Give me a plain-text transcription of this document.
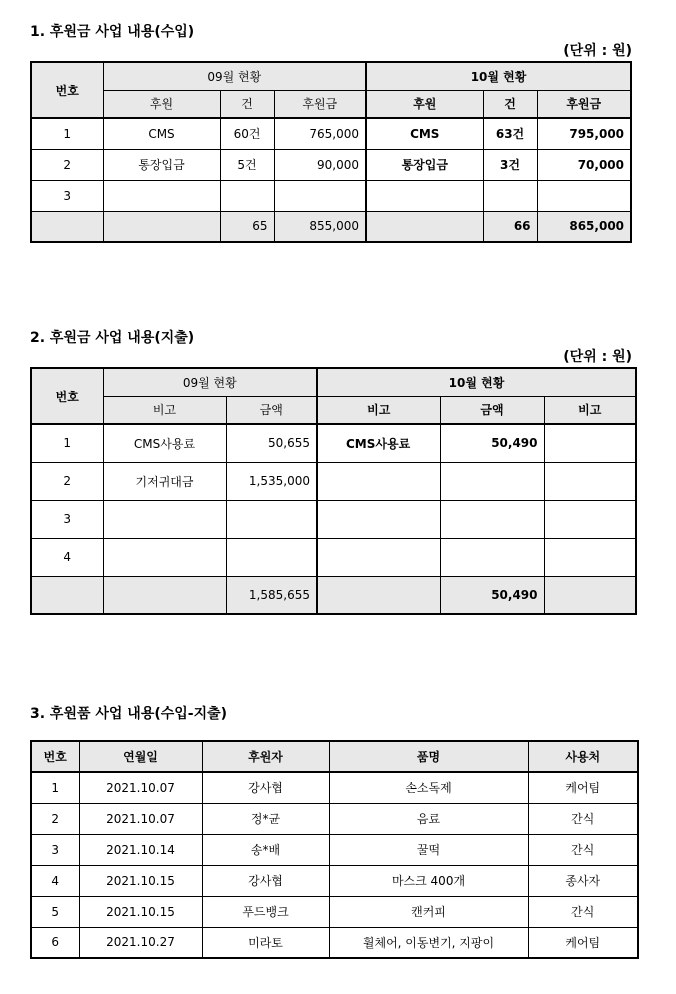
1. 후원금 사업 내용(수입)
(단위 : 원)
번호	09월 현황			10월 현황		
	후원	건	후원금	후원	건	후원금
1	CMS	60건	765,000	CMS	63건	795,000
2	통장입금	5건	90,000	통장입금	3건	70,000
3						
		65	855,000		66	865,000
2. 후원금 사업 내용(지출)
(단위 : 원)
번호	09월 현황		10월 현황		
	비고	금액	비고	금액	비고
1	CMS사용료	50,655	CMS사용료	50,490	
2	기저귀대금	1,535,000			
3					
4					
		1,585,655		50,490	
3. 후원품 사업 내용(수입-지출)
번호	연월일	후원자	품명	사용처
1	2021.10.07	강사협	손소독제	케어팀
2	2021.10.07	정*균	음료	간식
3	2021.10.14	송*배	꿀떡	간식
4	2021.10.15	강사협	마스크 400개	종사자
5	2021.10.15	푸드뱅크	캔커피	간식
6	2021.10.27	미라토	휠체어, 이동변기, 지팡이	케어팀
